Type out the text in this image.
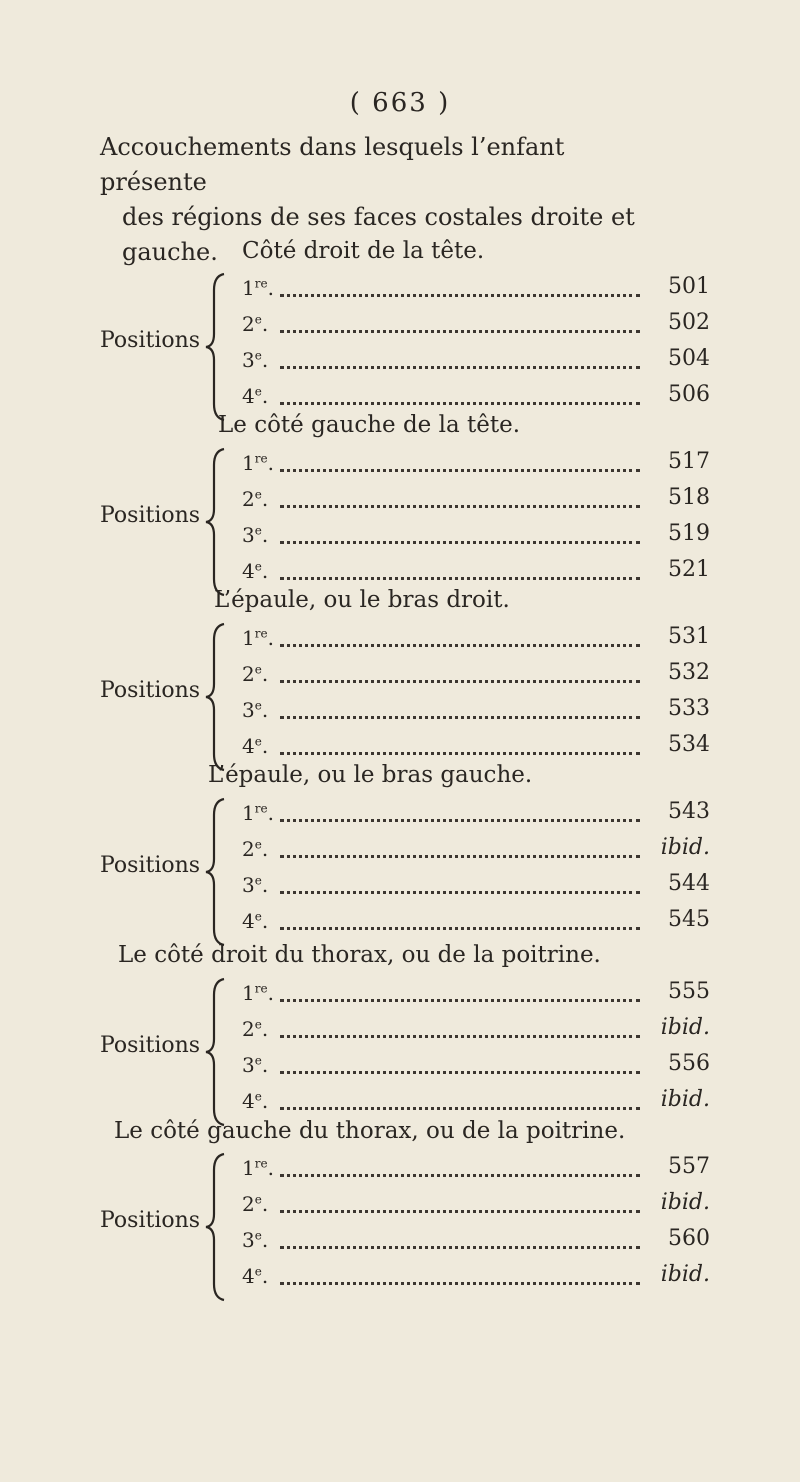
( 663 )
Accouchements dans lesquels l’enfant présente
des régions de ses faces costales droite et
gauche.	Côté droit de la tête.
Positions
1re.	501
2e.	502
3e.	504
4e.	506
Le côté gauche de la tête.
Positions
1re.	517
2e.	518
3e.	519
4e.	521
L’épaule, ou le bras droit.
Positions
1re.	531
2e.	532
3e.	533
4e.	534
L’épaule, ou le bras gauche.
Positions
1re.	543
2e.	ibid.
3e.	544
4e.	545
Le côté droit du thorax, ou de la poitrine.
Positions
1re.	555
2e.	ibid.
3e.	556
4e.	ibid.
Le côté gauche du thorax, ou de la poitrine.
Positions
1re.	557
2e.	ibid.
3e.	560
4e.	ibid.
